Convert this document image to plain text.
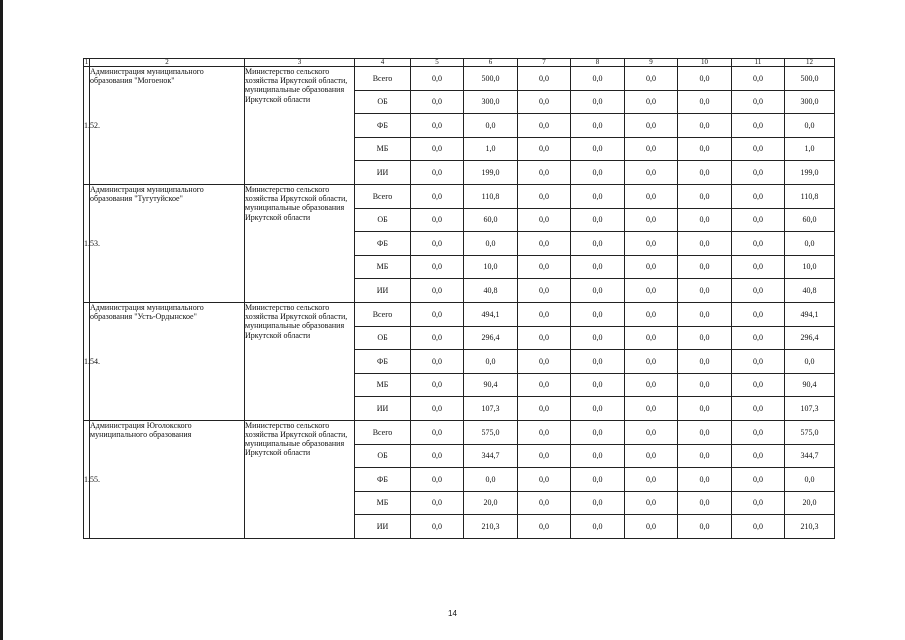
1	2	3	4	5	6	7	8	9	10	11	12
1.52.	Администрация муниципального образования "Могоенок"	Министерство сельского хозяйства Иркутской области, муниципальные образования Иркутской области	Всего	0,0	500,0	0,0	0,0	0,0	0,0	0,0	500,0
			ОБ	0,0	300,0	0,0	0,0	0,0	0,0	0,0	300,0
			ФБ	0,0	0,0	0,0	0,0	0,0	0,0	0,0	0,0
			МБ	0,0	1,0	0,0	0,0	0,0	0,0	0,0	1,0
			ИИ	0,0	199,0	0,0	0,0	0,0	0,0	0,0	199,0
1.53.	Администрация муниципального образования "Тугутуйское"	Министерство сельского хозяйства Иркутской области, муниципальные образования Иркутской области	Всего	0,0	110,8	0,0	0,0	0,0	0,0	0,0	110,8
			ОБ	0,0	60,0	0,0	0,0	0,0	0,0	0,0	60,0
			ФБ	0,0	0,0	0,0	0,0	0,0	0,0	0,0	0,0
			МБ	0,0	10,0	0,0	0,0	0,0	0,0	0,0	10,0
			ИИ	0,0	40,8	0,0	0,0	0,0	0,0	0,0	40,8
1.54.	Администрация муниципального образования "Усть-Ордынское"	Министерство сельского хозяйства Иркутской области, муниципальные образования Иркутской области	Всего	0,0	494,1	0,0	0,0	0,0	0,0	0,0	494,1
			ОБ	0,0	296,4	0,0	0,0	0,0	0,0	0,0	296,4
			ФБ	0,0	0,0	0,0	0,0	0,0	0,0	0,0	0,0
			МБ	0,0	90,4	0,0	0,0	0,0	0,0	0,0	90,4
			ИИ	0,0	107,3	0,0	0,0	0,0	0,0	0,0	107,3
1.55.	Администрация Юголокского муниципального образования	Министерство сельского хозяйства Иркутской области, муниципальные образования Иркутской области	Всего	0,0	575,0	0,0	0,0	0,0	0,0	0,0	575,0
			ОБ	0,0	344,7	0,0	0,0	0,0	0,0	0,0	344,7
			ФБ	0,0	0,0	0,0	0,0	0,0	0,0	0,0	0,0
			МБ	0,0	20,0	0,0	0,0	0,0	0,0	0,0	20,0
			ИИ	0,0	210,3	0,0	0,0	0,0	0,0	0,0	210,3
14
